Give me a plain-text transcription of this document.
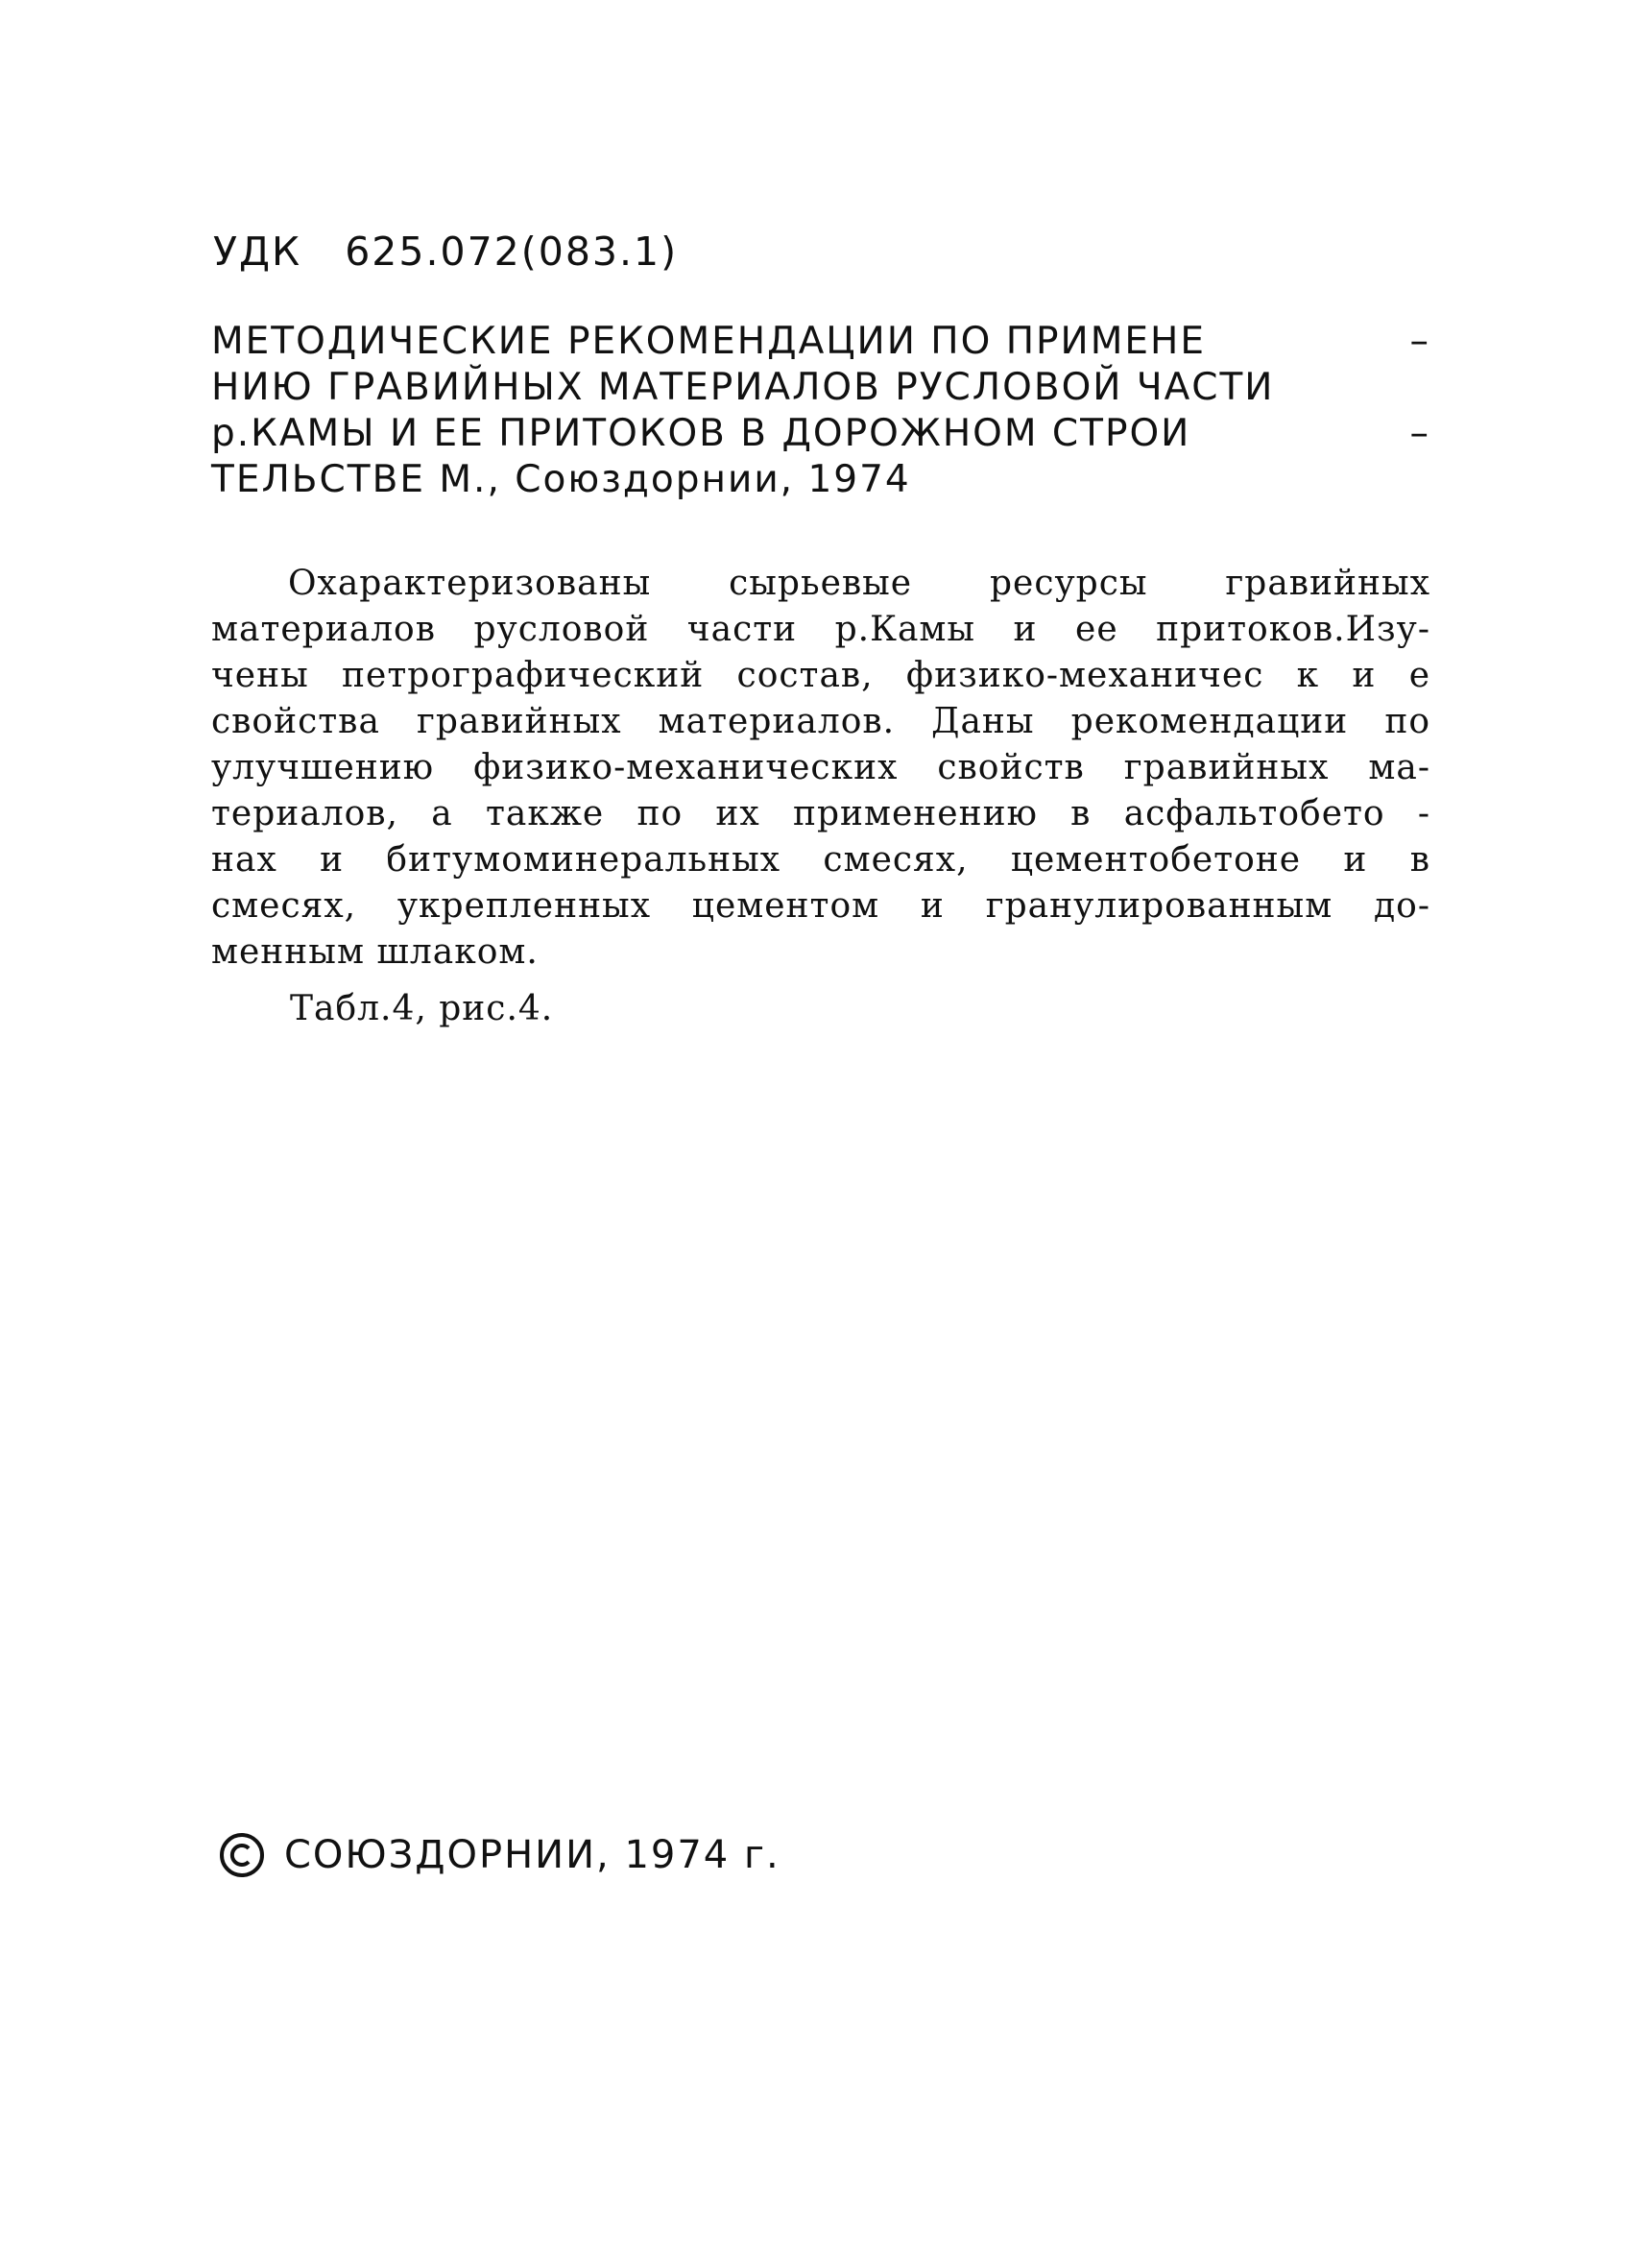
УДК   625.072(083.1)
МЕТОДИЧЕСКИЕ РЕКОМЕНДАЦИИ ПО ПРИМЕНЕ	–
НИЮ ГРАВИЙНЫХ МАТЕРИАЛОВ РУСЛОВОЙ ЧАСТИ
р.КАМЫ И ЕЕ ПРИТОКОВ В ДОРОЖНОМ СТРОИ	–
ТЕЛЬСТВЕ М., Союздорнии, 1974
Охарактеризованы сырьевые ресурсы гравийных
материалов русловой части р.Камы и ее притоков.Изу-
чены петрографический состав, физико-механичес к и е
свойства гравийных материалов. Даны рекомендации по
улучшению физико-механических свойств гравийных ма-
териалов, а также по их применению в асфальтобето -
нах и битумоминеральных смесях, цементобетоне и в
смесях, укрепленных цементом и гранулированным до-
менным шлаком.
Табл.4, рис.4.
СОЮЗДОРНИИ, 1974 г.
